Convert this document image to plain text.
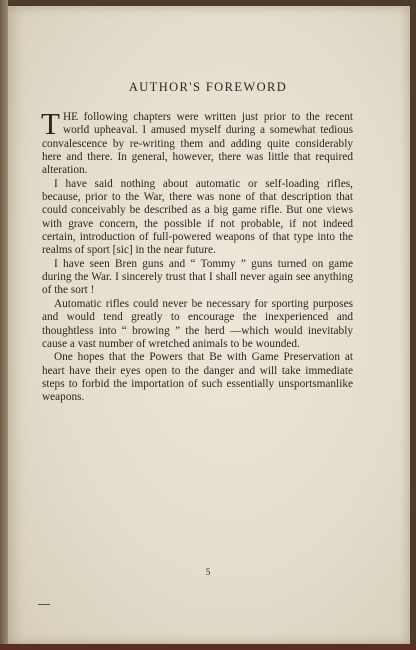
AUTHOR'S FOREWORD

THE following chapters were written just prior to the recent world upheaval. I amused myself during a somewhat tedious convalescence by re-writing them and adding quite considerably here and there. In general, however, there was little that required alteration.

I have said nothing about automatic or self-loading rifles, because, prior to the War, there was none of that description that could conceivably be described as a big game rifle. But one views with grave concern, the possible if not probable, if not indeed certain, introduction of full-powered weapons of that type into the realms of sport [sic] in the near future.

I have seen Bren guns and “ Tommy ” guns turned on game during the War. I sincerely trust that I shall never again see anything of the sort !

Automatic rifles could never be necessary for sporting purposes and would tend greatly to encourage the inexperienced and thoughtless into “ browing ” the herd —which would inevitably cause a vast number of wretched animals to be wounded.

One hopes that the Powers that Be with Game Preservation at heart have their eyes open to the danger and will take immediate steps to forbid the importation of such essentially unsportsmanlike weapons.

5
